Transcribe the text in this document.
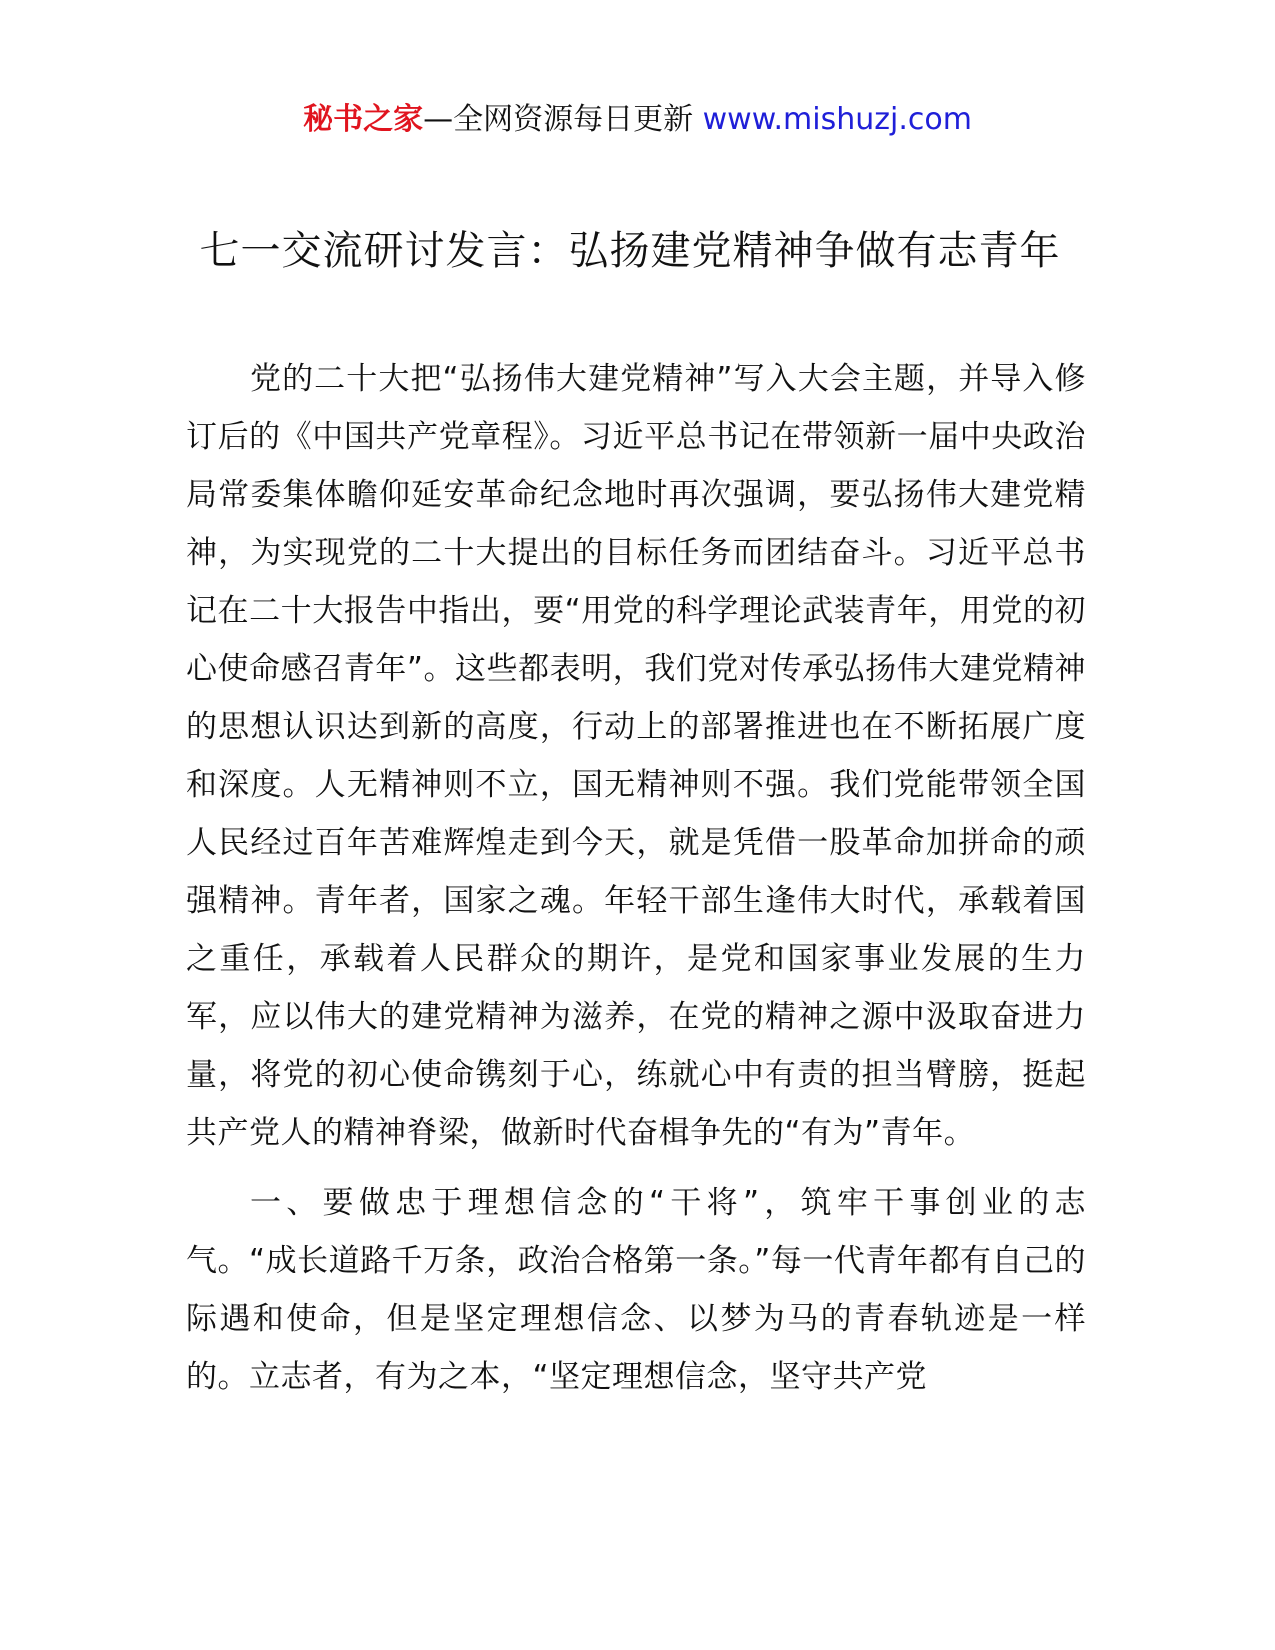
秘书之家—全网资源每日更新 www.mishuzj.com
七一交流研讨发言：弘扬建党精神争做有志青年

党的二十大把“弘扬伟大建党精神”写入大会主题，并导入修订后的《中国共产党章程》。习近平总书记在带领新一届中央政治局常委集体瞻仰延安革命纪念地时再次强调，要弘扬伟大建党精神，为实现党的二十大提出的目标任务而团结奋斗。习近平总书记在二十大报告中指出，要“用党的科学理论武装青年，用党的初心使命感召青年”。这些都表明，我们党对传承弘扬伟大建党精神的思想认识达到新的高度，行动上的部署推进也在不断拓展广度和深度。人无精神则不立，国无精神则不强。我们党能带领全国人民经过百年苦难辉煌走到今天，就是凭借一股革命加拼命的顽强精神。青年者，国家之魂。年轻干部生逢伟大时代，承载着国之重任，承载着人民群众的期许，是党和国家事业发展的生力军，应以伟大的建党精神为滋养，在党的精神之源中汲取奋进力量，将党的初心使命镌刻于心，练就心中有责的担当臂膀，挺起共产党人的精神脊梁，做新时代奋楫争先的“有为”青年。

一、要做忠于理想信念的“干将”，筑牢干事创业的志气。“成长道路千万条，政治合格第一条。”每一代青年都有自己的际遇和使命，但是坚定理想信念、以梦为马的青春轨迹是一样的。立志者，有为之本，“坚定理想信念，坚守共产党
